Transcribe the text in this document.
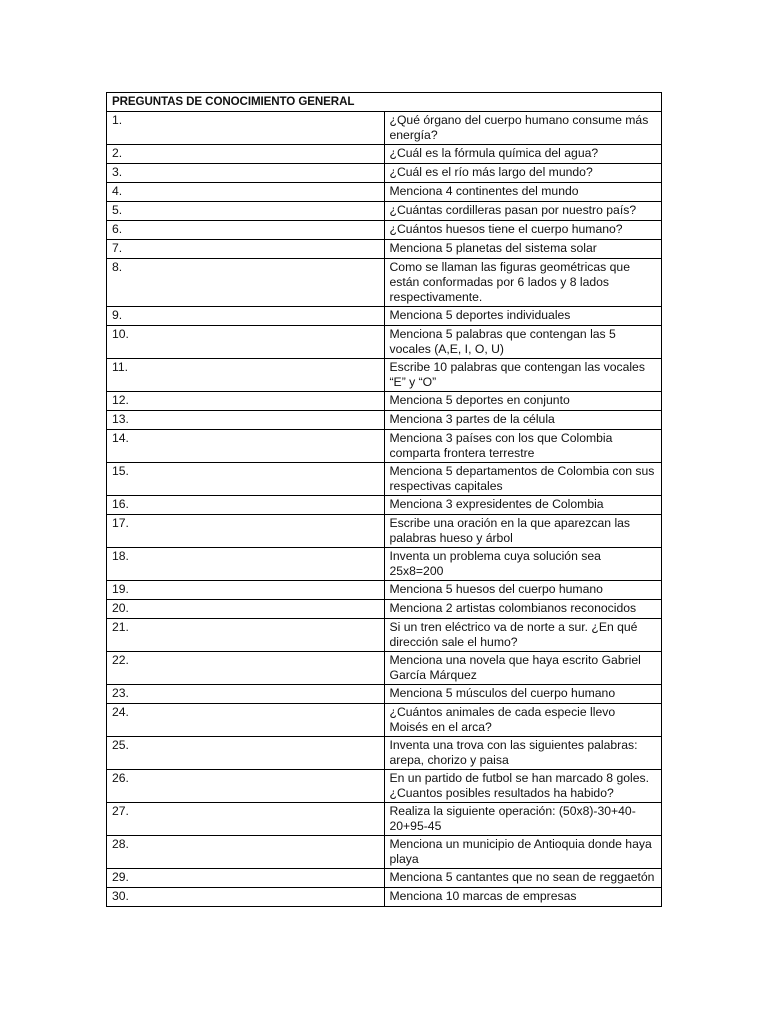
PREGUNTAS DE CONOCIMIENTO GENERAL	
1.	¿Qué órgano del cuerpo humano consume más energía?
2.	¿Cuál es la fórmula química del agua?
3.	¿Cuál es el río más largo del mundo?
4.	Menciona 4 continentes del mundo
5.	¿Cuántas cordilleras pasan por nuestro país?
6.	¿Cuántos huesos tiene el cuerpo humano?
7.	Menciona 5 planetas del sistema solar
8.	Como se llaman las figuras geométricas que están conformadas por 6 lados y 8 lados respectivamente.
9.	Menciona 5 deportes individuales
10.	Menciona 5 palabras que contengan las 5 vocales (A,E, I, O, U)
11.	Escribe 10 palabras que contengan las vocales “E” y “O”
12.	Menciona 5 deportes en conjunto
13.	Menciona 3 partes de la célula
14.	Menciona 3 países con los que Colombia comparta frontera terrestre
15.	Menciona 5 departamentos de Colombia con sus respectivas capitales
16.	Menciona 3 expresidentes de Colombia
17.	Escribe una oración en la que aparezcan las palabras hueso y árbol
18.	Inventa un problema cuya solución sea 25x8=200
19.	Menciona 5 huesos del cuerpo humano
20.	Menciona 2 artistas colombianos reconocidos
21.	Si un tren eléctrico va de norte a sur. ¿En qué dirección sale el humo?
22.	Menciona una novela que haya escrito Gabriel García Márquez
23.	Menciona 5 músculos del cuerpo humano
24.	¿Cuántos animales de cada especie llevo Moisés en el arca?
25.	Inventa una trova con las siguientes palabras: arepa, chorizo y paisa
26.	En un partido de futbol se han marcado 8 goles. ¿Cuantos posibles resultados ha habido?
27.	Realiza la siguiente operación: (50x8)-30+40-20+95-45
28.	Menciona un municipio de Antioquia donde haya playa
29.	Menciona 5 cantantes que no sean de reggaetón
30.	Menciona 10 marcas de empresas
